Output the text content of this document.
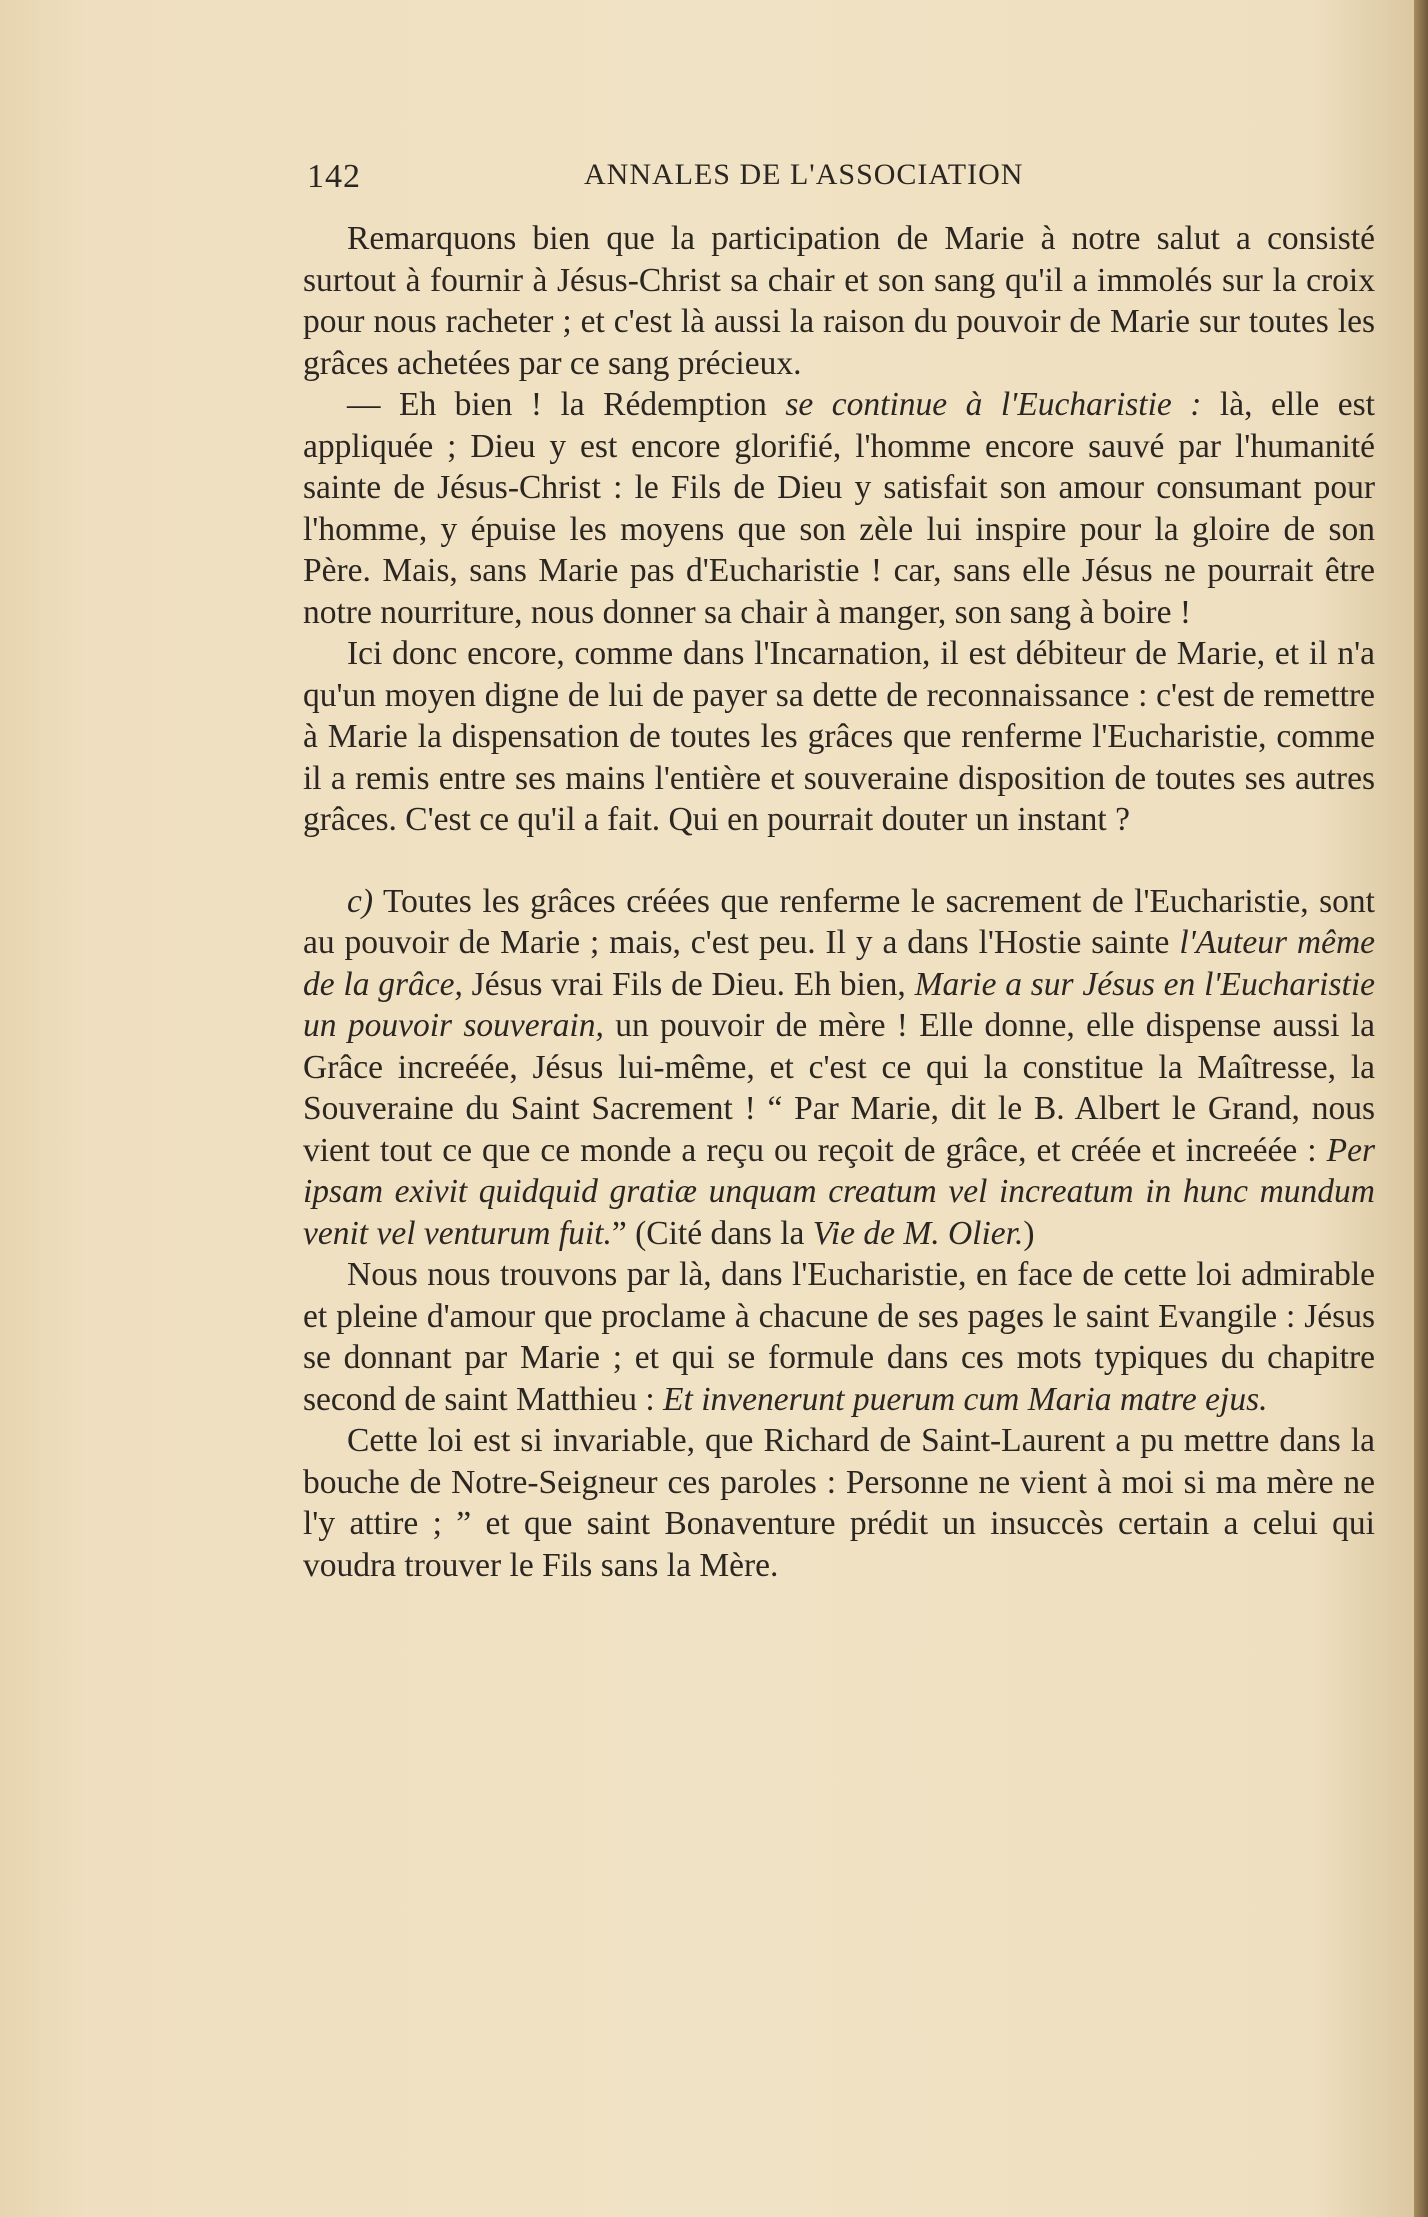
142	ANNALES DE L'ASSOCIATION

Remarquons bien que la participation de Marie à notre salut a consisté surtout à fournir à Jésus-Christ sa chair et son sang qu'il a immolés sur la croix pour nous racheter ; et c'est là aussi la raison du pouvoir de Marie sur toutes les grâces achetées par ce sang précieux.

— Eh bien ! la Rédemption se continue à l'Eucharistie : là, elle est appliquée ; Dieu y est encore glorifié, l'homme encore sauvé par l'humanité sainte de Jésus-Christ : le Fils de Dieu y satisfait son amour consumant pour l'homme, y épuise les moyens que son zèle lui inspire pour la gloire de son Père. Mais, sans Marie pas d'Eucharistie ! car, sans elle Jésus ne pourrait être notre nourriture, nous donner sa chair à manger, son sang à boire !

Ici donc encore, comme dans l'Incarnation, il est débiteur de Marie, et il n'a qu'un moyen digne de lui de payer sa dette de reconnaissance : c'est de remettre à Marie la dispensation de toutes les grâces que renferme l'Eucharistie, comme il a remis entre ses mains l'entière et souveraine disposition de toutes ses autres grâces. C'est ce qu'il a fait. Qui en pourrait douter un instant ?

c) Toutes les grâces créées que renferme le sacrement de l'Eucharistie, sont au pouvoir de Marie ; mais, c'est peu. Il y a dans l'Hostie sainte l'Auteur même de la grâce, Jésus vrai Fils de Dieu. Eh bien, Marie a sur Jésus en l'Eucharistie un pouvoir souverain, un pouvoir de mère ! Elle donne, elle dispense aussi la Grâce increéée, Jésus lui-même, et c'est ce qui la constitue la Maîtresse, la Souveraine du Saint Sacrement ! “ Par Marie, dit le B. Albert le Grand, nous vient tout ce que ce monde a reçu ou reçoit de grâce, et créée et increéée : Per ipsam exivit quidquid gratiæ unquam creatum vel increatum in hunc mundum venit vel venturum fuit.” (Cité dans la Vie de M. Olier.)

Nous nous trouvons par là, dans l'Eucharistie, en face de cette loi admirable et pleine d'amour que proclame à chacune de ses pages le saint Evangile : Jésus se donnant par Marie ; et qui se formule dans ces mots typiques du chapitre second de saint Matthieu : Et invenerunt puerum cum Maria matre ejus.

Cette loi est si invariable, que Richard de Saint-Laurent a pu mettre dans la bouche de Notre-Seigneur ces paroles : Personne ne vient à moi si ma mère ne l'y attire ; ” et que saint Bonaventure prédit un insuccès certain a celui qui voudra trouver le Fils sans la Mère.
